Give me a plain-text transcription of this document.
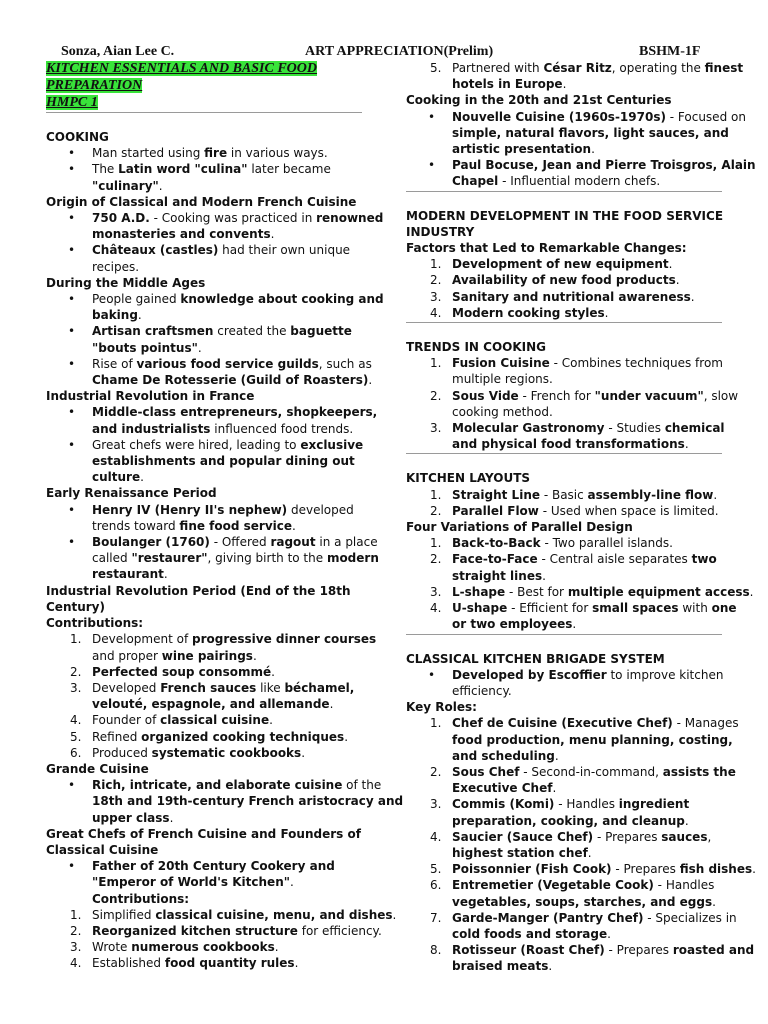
Sonza, Aian Lee C.	ART APPRECIATION(Prelim)	BSHM-1F
KITCHEN ESSENTIALS AND BASIC FOOD
PREPARATION
HMPC 1
COOKING
• Man started using fire in various ways.
• The Latin word "culina" later became
"culinary".
Origin of Classical and Modern French Cuisine
• 750 A.D. - Cooking was practiced in renowned
monasteries and convents.
• Châteaux (castles) had their own unique
recipes.
During the Middle Ages
• People gained knowledge about cooking and
baking.
• Artisan craftsmen created the baguette
"bouts pointus".
• Rise of various food service guilds, such as
Chame De Rotesserie (Guild of Roasters).
Industrial Revolution in France
• Middle-class entrepreneurs, shopkeepers,
and industrialists influenced food trends.
• Great chefs were hired, leading to exclusive
establishments and popular dining out
culture.
Early Renaissance Period
• Henry IV (Henry II's nephew) developed
trends toward fine food service.
• Boulanger (1760) - Offered ragout in a place
called "restaurer", giving birth to the modern
restaurant.
Industrial Revolution Period (End of the 18th
Century)
Contributions:
1. Development of progressive dinner courses
and proper wine pairings.
2. Perfected soup consommé.
3. Developed French sauces like béchamel,
velouté, espagnole, and allemande.
4. Founder of classical cuisine.
5. Refined organized cooking techniques.
6. Produced systematic cookbooks.
Grande Cuisine
• Rich, intricate, and elaborate cuisine of the
18th and 19th-century French aristocracy and
upper class.
Great Chefs of French Cuisine and Founders of
Classical Cuisine
• Father of 20th Century Cookery and
"Emperor of World's Kitchen".
Contributions:
1. Simplified classical cuisine, menu, and dishes.
2. Reorganized kitchen structure for efficiency.
3. Wrote numerous cookbooks.
4. Established food quantity rules.
5. Partnered with César Ritz, operating the finest
hotels in Europe.
Cooking in the 20th and 21st Centuries
• Nouvelle Cuisine (1960s-1970s) - Focused on
simple, natural flavors, light sauces, and
artistic presentation.
• Paul Bocuse, Jean and Pierre Troisgros, Alain
Chapel - Influential modern chefs.
MODERN DEVELOPMENT IN THE FOOD SERVICE
INDUSTRY
Factors that Led to Remarkable Changes:
1. Development of new equipment.
2. Availability of new food products.
3. Sanitary and nutritional awareness.
4. Modern cooking styles.
TRENDS IN COOKING
1. Fusion Cuisine - Combines techniques from
multiple regions.
2. Sous Vide - French for "under vacuum", slow
cooking method.
3. Molecular Gastronomy - Studies chemical
and physical food transformations.
KITCHEN LAYOUTS
1. Straight Line - Basic assembly-line flow.
2. Parallel Flow - Used when space is limited.
Four Variations of Parallel Design
1. Back-to-Back - Two parallel islands.
2. Face-to-Face - Central aisle separates two
straight lines.
3. L-shape - Best for multiple equipment access.
4. U-shape - Efficient for small spaces with one
or two employees.
CLASSICAL KITCHEN BRIGADE SYSTEM
• Developed by Escoffier to improve kitchen
efficiency.
Key Roles:
1. Chef de Cuisine (Executive Chef) - Manages
food production, menu planning, costing,
and scheduling.
2. Sous Chef - Second-in-command, assists the
Executive Chef.
3. Commis (Komi) - Handles ingredient
preparation, cooking, and cleanup.
4. Saucier (Sauce Chef) - Prepares sauces,
highest station chef.
5. Poissonnier (Fish Cook) - Prepares fish dishes.
6. Entremetier (Vegetable Cook) - Handles
vegetables, soups, starches, and eggs.
7. Garde-Manger (Pantry Chef) - Specializes in
cold foods and storage.
8. Rotisseur (Roast Chef) - Prepares roasted and
braised meats.
